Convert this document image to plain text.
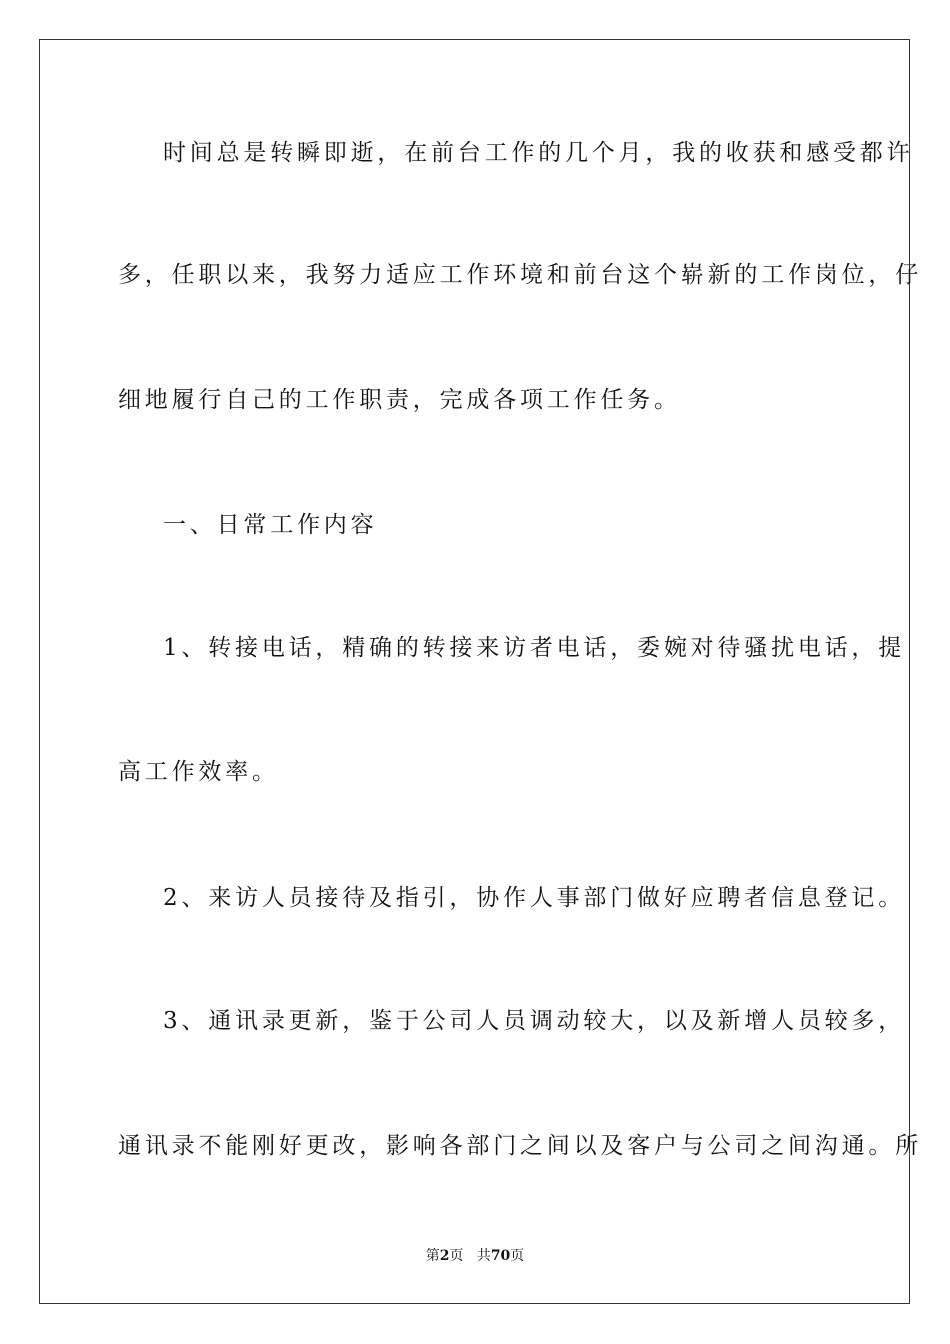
时间总是转瞬即逝，在前台工作的几个月，我的收获和感受都许
多，任职以来，我努力适应工作环境和前台这个崭新的工作岗位，仔
细地履行自己的工作职责，完成各项工作任务。
一、日常工作内容
1、转接电话，精确的转接来访者电话，委婉对待骚扰电话，提
高工作效率。
2、来访人员接待及指引，协作人事部门做好应聘者信息登记。
3、通讯录更新，鉴于公司人员调动较大，以及新增人员较多，
通讯录不能刚好更改，影响各部门之间以及客户与公司之间沟通。所
第2页 共70页
